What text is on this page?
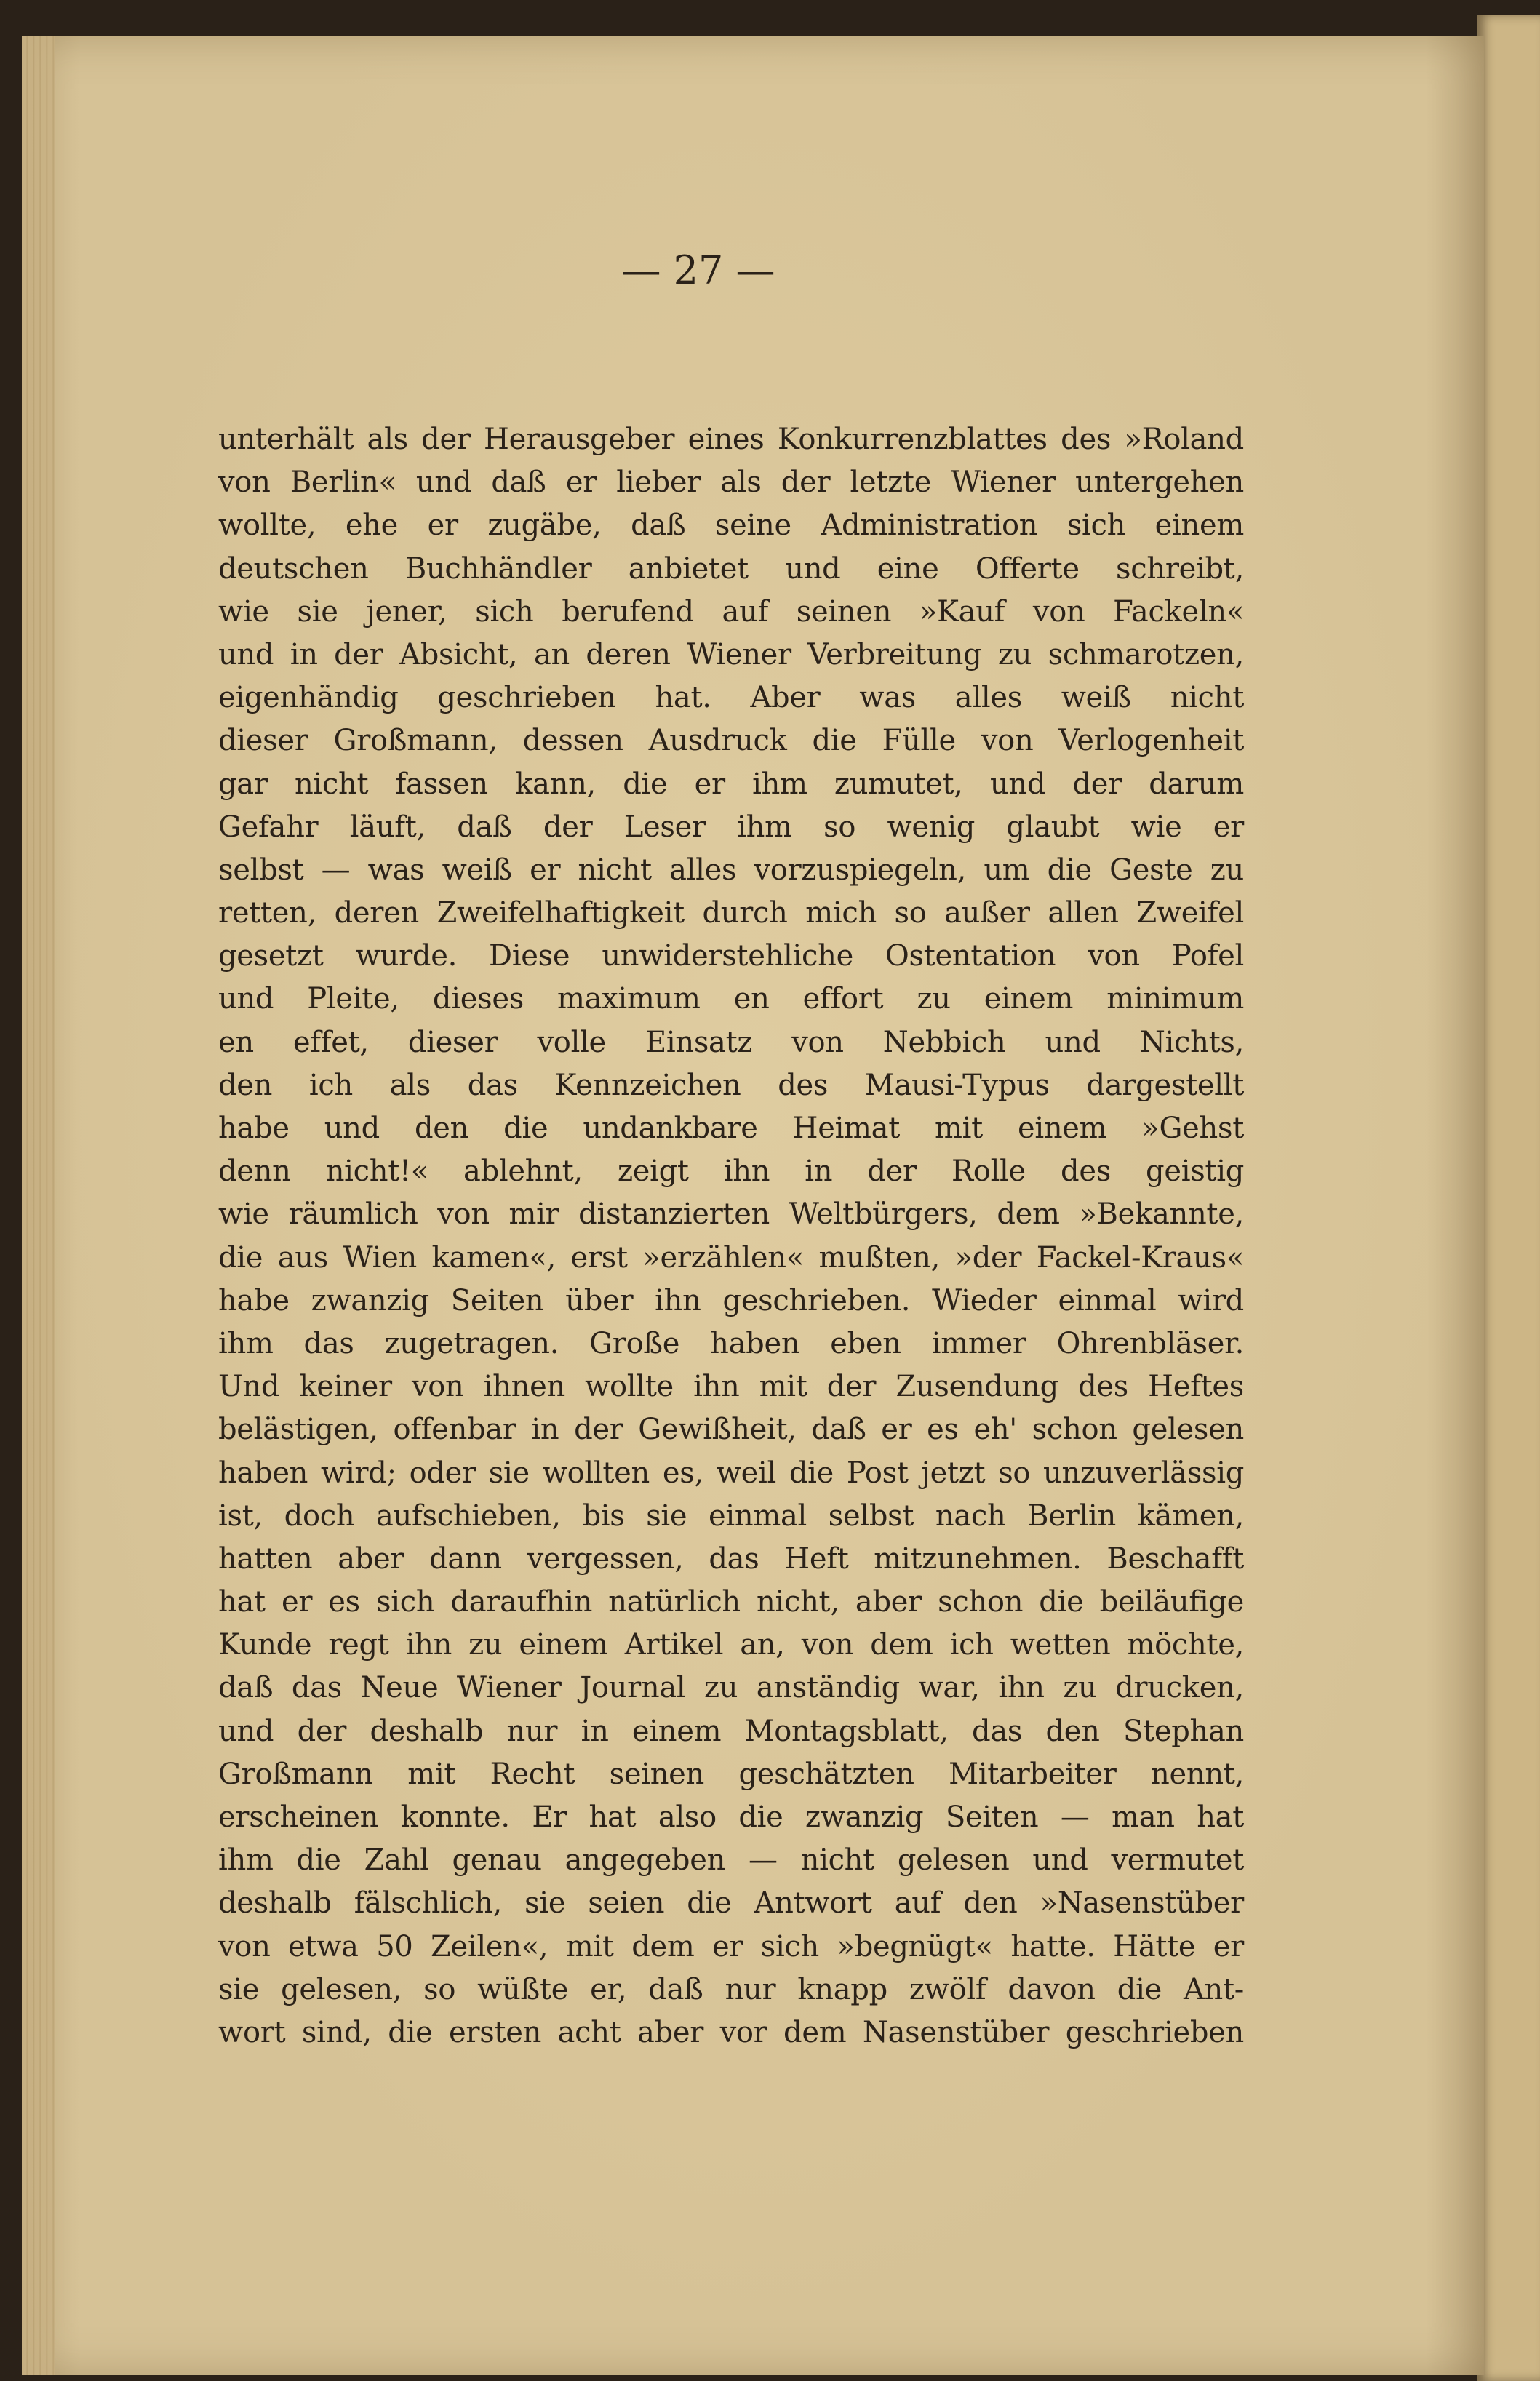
— 27 —
unterhält als der Herausgeber eines Konkurrenzblattes des »Roland
von Berlin« und daß er lieber als der letzte Wiener untergehen
wollte, ehe er zugäbe, daß seine Administration sich einem
deutschen Buchhändler anbietet und eine Offerte schreibt,
wie sie jener, sich berufend auf seinen »Kauf von Fackeln«
und in der Absicht, an deren Wiener Verbreitung zu schmarotzen,
eigenhändig geschrieben hat. Aber was alles weiß nicht
dieser Großmann, dessen Ausdruck die Fülle von Verlogenheit
gar nicht fassen kann, die er ihm zumutet, und der darum
Gefahr läuft, daß der Leser ihm so wenig glaubt wie er
selbst — was weiß er nicht alles vorzuspiegeln, um die Geste zu
retten, deren Zweifelhaftigkeit durch mich so außer allen Zweifel
gesetzt wurde. Diese unwiderstehliche Ostentation von Pofel
und Pleite, dieses maximum en effort zu einem minimum
en effet, dieser volle Einsatz von Nebbich und Nichts,
den ich als das Kennzeichen des Mausi-Typus dargestellt
habe und den die undankbare Heimat mit einem »Gehst
denn nicht!« ablehnt, zeigt ihn in der Rolle des geistig
wie räumlich von mir distanzierten Weltbürgers, dem »Bekannte,
die aus Wien kamen«, erst »erzählen« mußten, »der Fackel-Kraus«
habe zwanzig Seiten über ihn geschrieben. Wieder einmal wird
ihm das zugetragen. Große haben eben immer Ohrenbläser.
Und keiner von ihnen wollte ihn mit der Zusendung des Heftes
belästigen, offenbar in der Gewißheit, daß er es eh' schon gelesen
haben wird; oder sie wollten es, weil die Post jetzt so unzuverlässig
ist, doch aufschieben, bis sie einmal selbst nach Berlin kämen,
hatten aber dann vergessen, das Heft mitzunehmen. Beschafft
hat er es sich daraufhin natürlich nicht, aber schon die beiläufige
Kunde regt ihn zu einem Artikel an, von dem ich wetten möchte,
daß das Neue Wiener Journal zu anständig war, ihn zu drucken,
und der deshalb nur in einem Montagsblatt, das den Stephan
Großmann mit Recht seinen geschätzten Mitarbeiter nennt,
erscheinen konnte. Er hat also die zwanzig Seiten — man hat
ihm die Zahl genau angegeben — nicht gelesen und vermutet
deshalb fälschlich, sie seien die Antwort auf den »Nasenstüber
von etwa 50 Zeilen«, mit dem er sich »begnügt« hatte. Hätte er
sie gelesen, so wüßte er, daß nur knapp zwölf davon die Ant-
wort sind, die ersten acht aber vor dem Nasenstüber geschrieben
